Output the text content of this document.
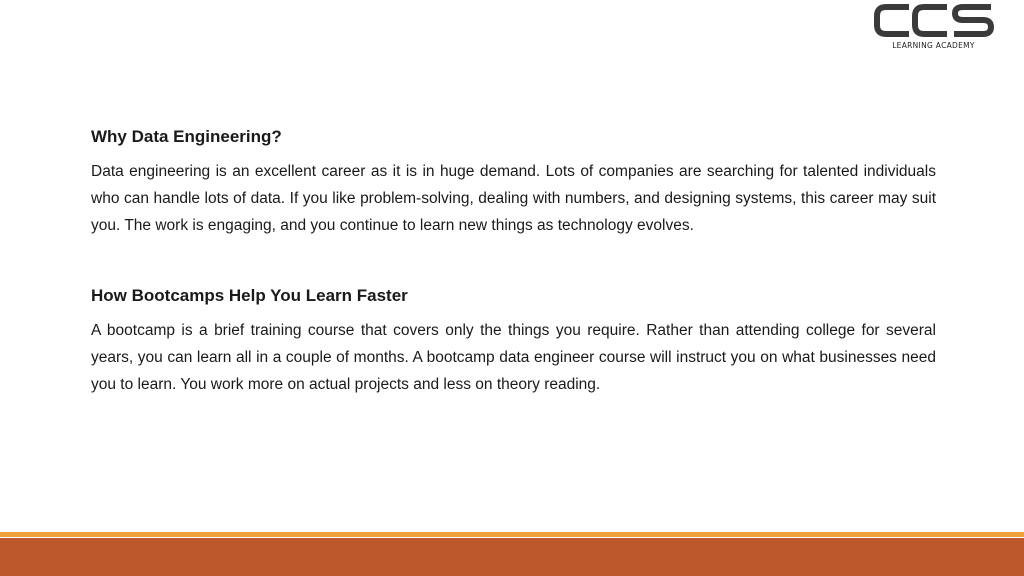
LEARNING ACADEMY
Why Data Engineering?

Data engineering is an excellent career as it is in huge demand. Lots of companies are searching for talented individuals who can handle lots of data. If you like problem-solving, dealing with numbers, and designing systems, this career may suit you. The work is engaging, and you continue to learn new things as technology evolves.

How Bootcamps Help You Learn Faster

A bootcamp is a brief training course that covers only the things you require. Rather than attending college for several years, you can learn all in a couple of months. A bootcamp data engineer course will instruct you on what businesses need you to learn. You work more on actual projects and less on theory reading.
